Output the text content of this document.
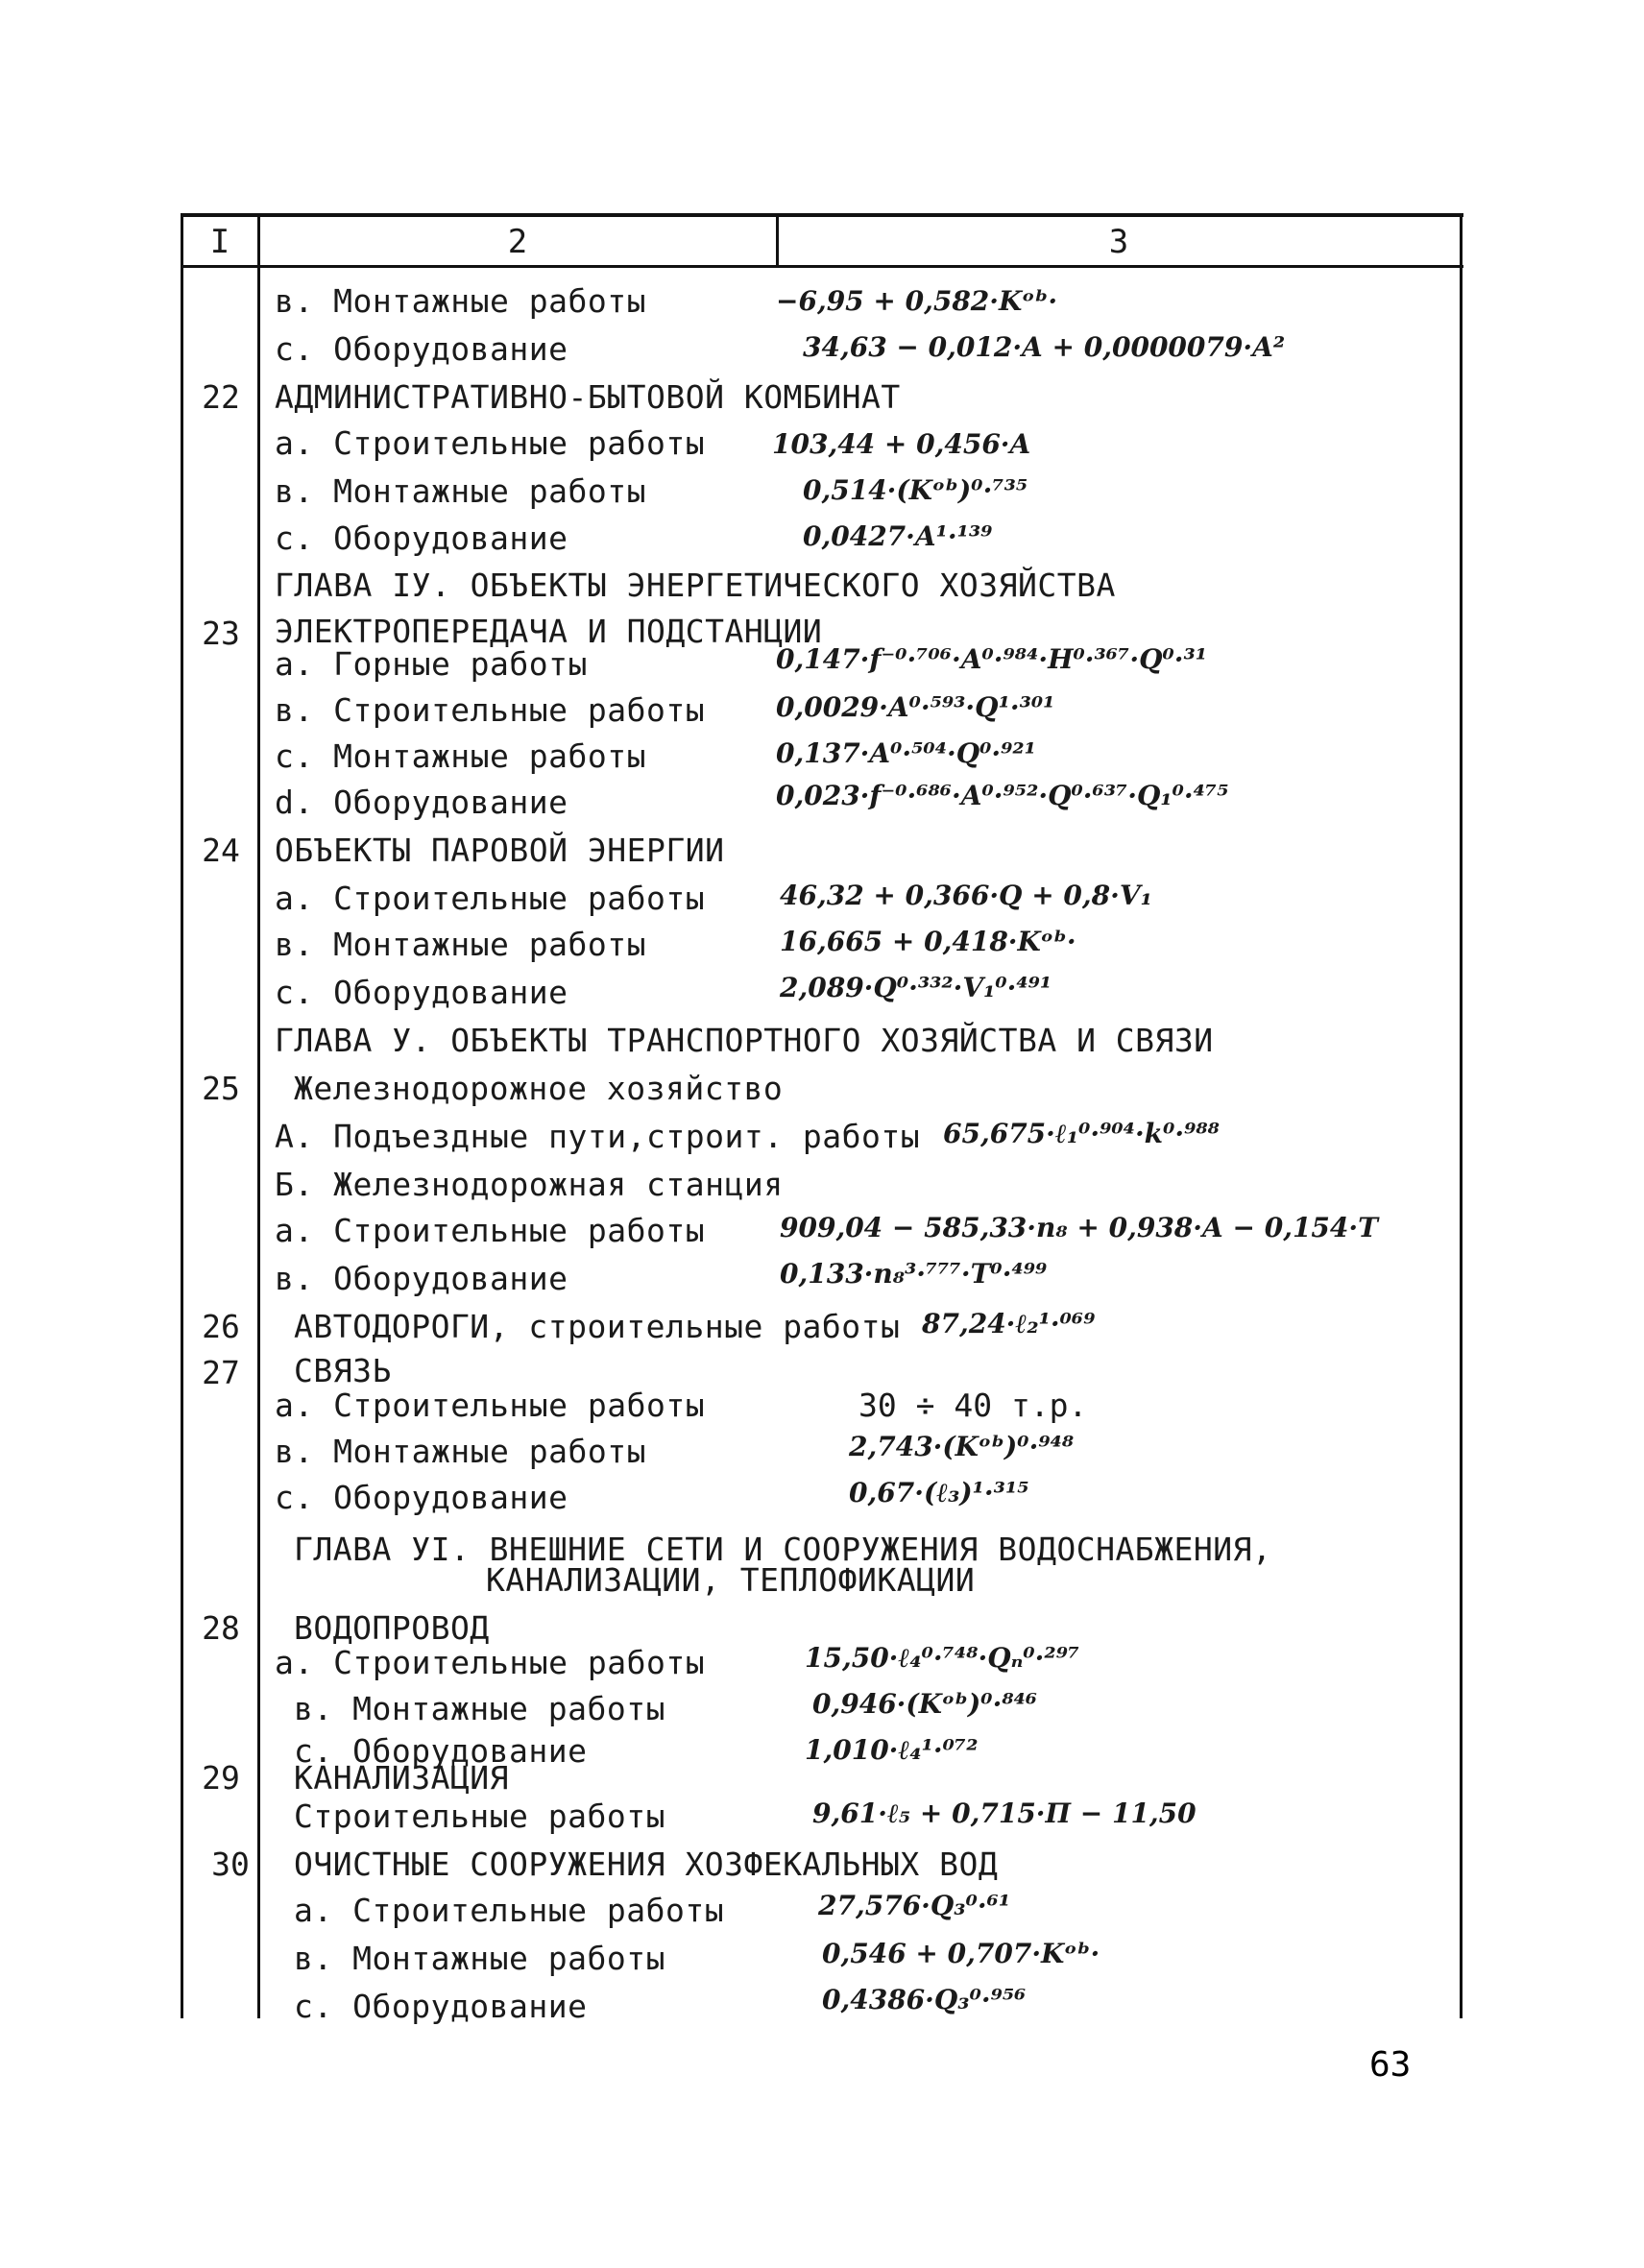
I	2	3
в. Монтажные работы	−6,95 + 0,582·Kᵒᵇ·
с. Оборудование	34,63 − 0,012·A + 0,0000079·A²
22	АДМИНИСТРАТИВНО-БЫТОВОЙ КОМБИНАТ
а. Строительные работы 103,44 + 0,456·A
в. Монтажные работы	0,514·(Kᵒᵇ)⁰·⁷³⁵
с. Оборудование	0,0427·A¹·¹³⁹
ГЛАВА IУ. ОБЪЕКТЫ ЭНЕРГЕТИЧЕСКОГО ХОЗЯЙСТВА
23	ЭЛЕКТРОПЕРЕДАЧА И ПОДСТАНЦИИ
а. Горные работы	0,147·f⁻⁰·⁷⁰⁶·A⁰·⁹⁸⁴·H⁰·³⁶⁷·Q⁰·³¹
в. Строительные работы	0,0029·A⁰·⁵⁹³·Q¹·³⁰¹
с. Монтажные работы	0,137·A⁰·⁵⁰⁴·Q⁰·⁹²¹
d. Оборудование	0,023·f⁻⁰·⁶⁸⁶·A⁰·⁹⁵²·Q⁰·⁶³⁷·Q₁⁰·⁴⁷⁵
24	ОБЪЕКТЫ ПАРОВОЙ ЭНЕРГИИ
а. Строительные работы	46,32 + 0,366·Q + 0,8·V₁
в. Монтажные работы	16,665 + 0,418·Kᵒᵇ·
с. Оборудование	2,089·Q⁰·³³²·V₁⁰·⁴⁹¹
ГЛАВА У. ОБЪЕКТЫ ТРАНСПОРТНОГО ХОЗЯЙСТВА И СВЯЗИ
25	Железнодорожное хозяйство
А. Подъездные пути,строит. работы 65,675·ℓ₁⁰·⁹⁰⁴·k⁰·⁹⁸⁸
Б. Железнодорожная станция
а. Строительные работы	909,04 − 585,33·n₈ + 0,938·A − 0,154·T
в. Оборудование	0,133·n₈³·⁷⁷⁷·T⁰·⁴⁹⁹
26	АВТОДОРОГИ, строительные работы 87,24·ℓ₂¹·⁰⁶⁹
27	СВЯЗЬ
а. Строительные работы	30 ÷ 40 т.р.
в. Монтажные работы	2,743·(Kᵒᵇ)⁰·⁹⁴⁸
с. Оборудование	0,67·(ℓ₃)¹·³¹⁵
ГЛАВА УI. ВНЕШНИЕ СЕТИ И СООРУЖЕНИЯ ВОДОСНАБЖЕНИЯ,
КАНАЛИЗАЦИИ, ТЕПЛОФИКАЦИИ
28	ВОДОПРОВОД
а. Строительные работы	15,50·ℓ₄⁰·⁷⁴⁸·Qₙ⁰·²⁹⁷
в. Монтажные работы	0,946·(Kᵒᵇ)⁰·⁸⁴⁶
с. Оборудование	1,010·ℓ₄¹·⁰⁷²
29	КАНАЛИЗАЦИЯ
Строительные работы	9,61·ℓ₅ + 0,715·П − 11,50
30	ОЧИСТНЫЕ СООРУЖЕНИЯ ХОЗФЕКАЛЬНЫХ ВОД
а. Строительные работы	27,576·Q₃⁰·⁶¹
в. Монтажные работы	0,546 + 0,707·Kᵒᵇ·
с. Оборудование	0,4386·Q₃⁰·⁹⁵⁶
63
